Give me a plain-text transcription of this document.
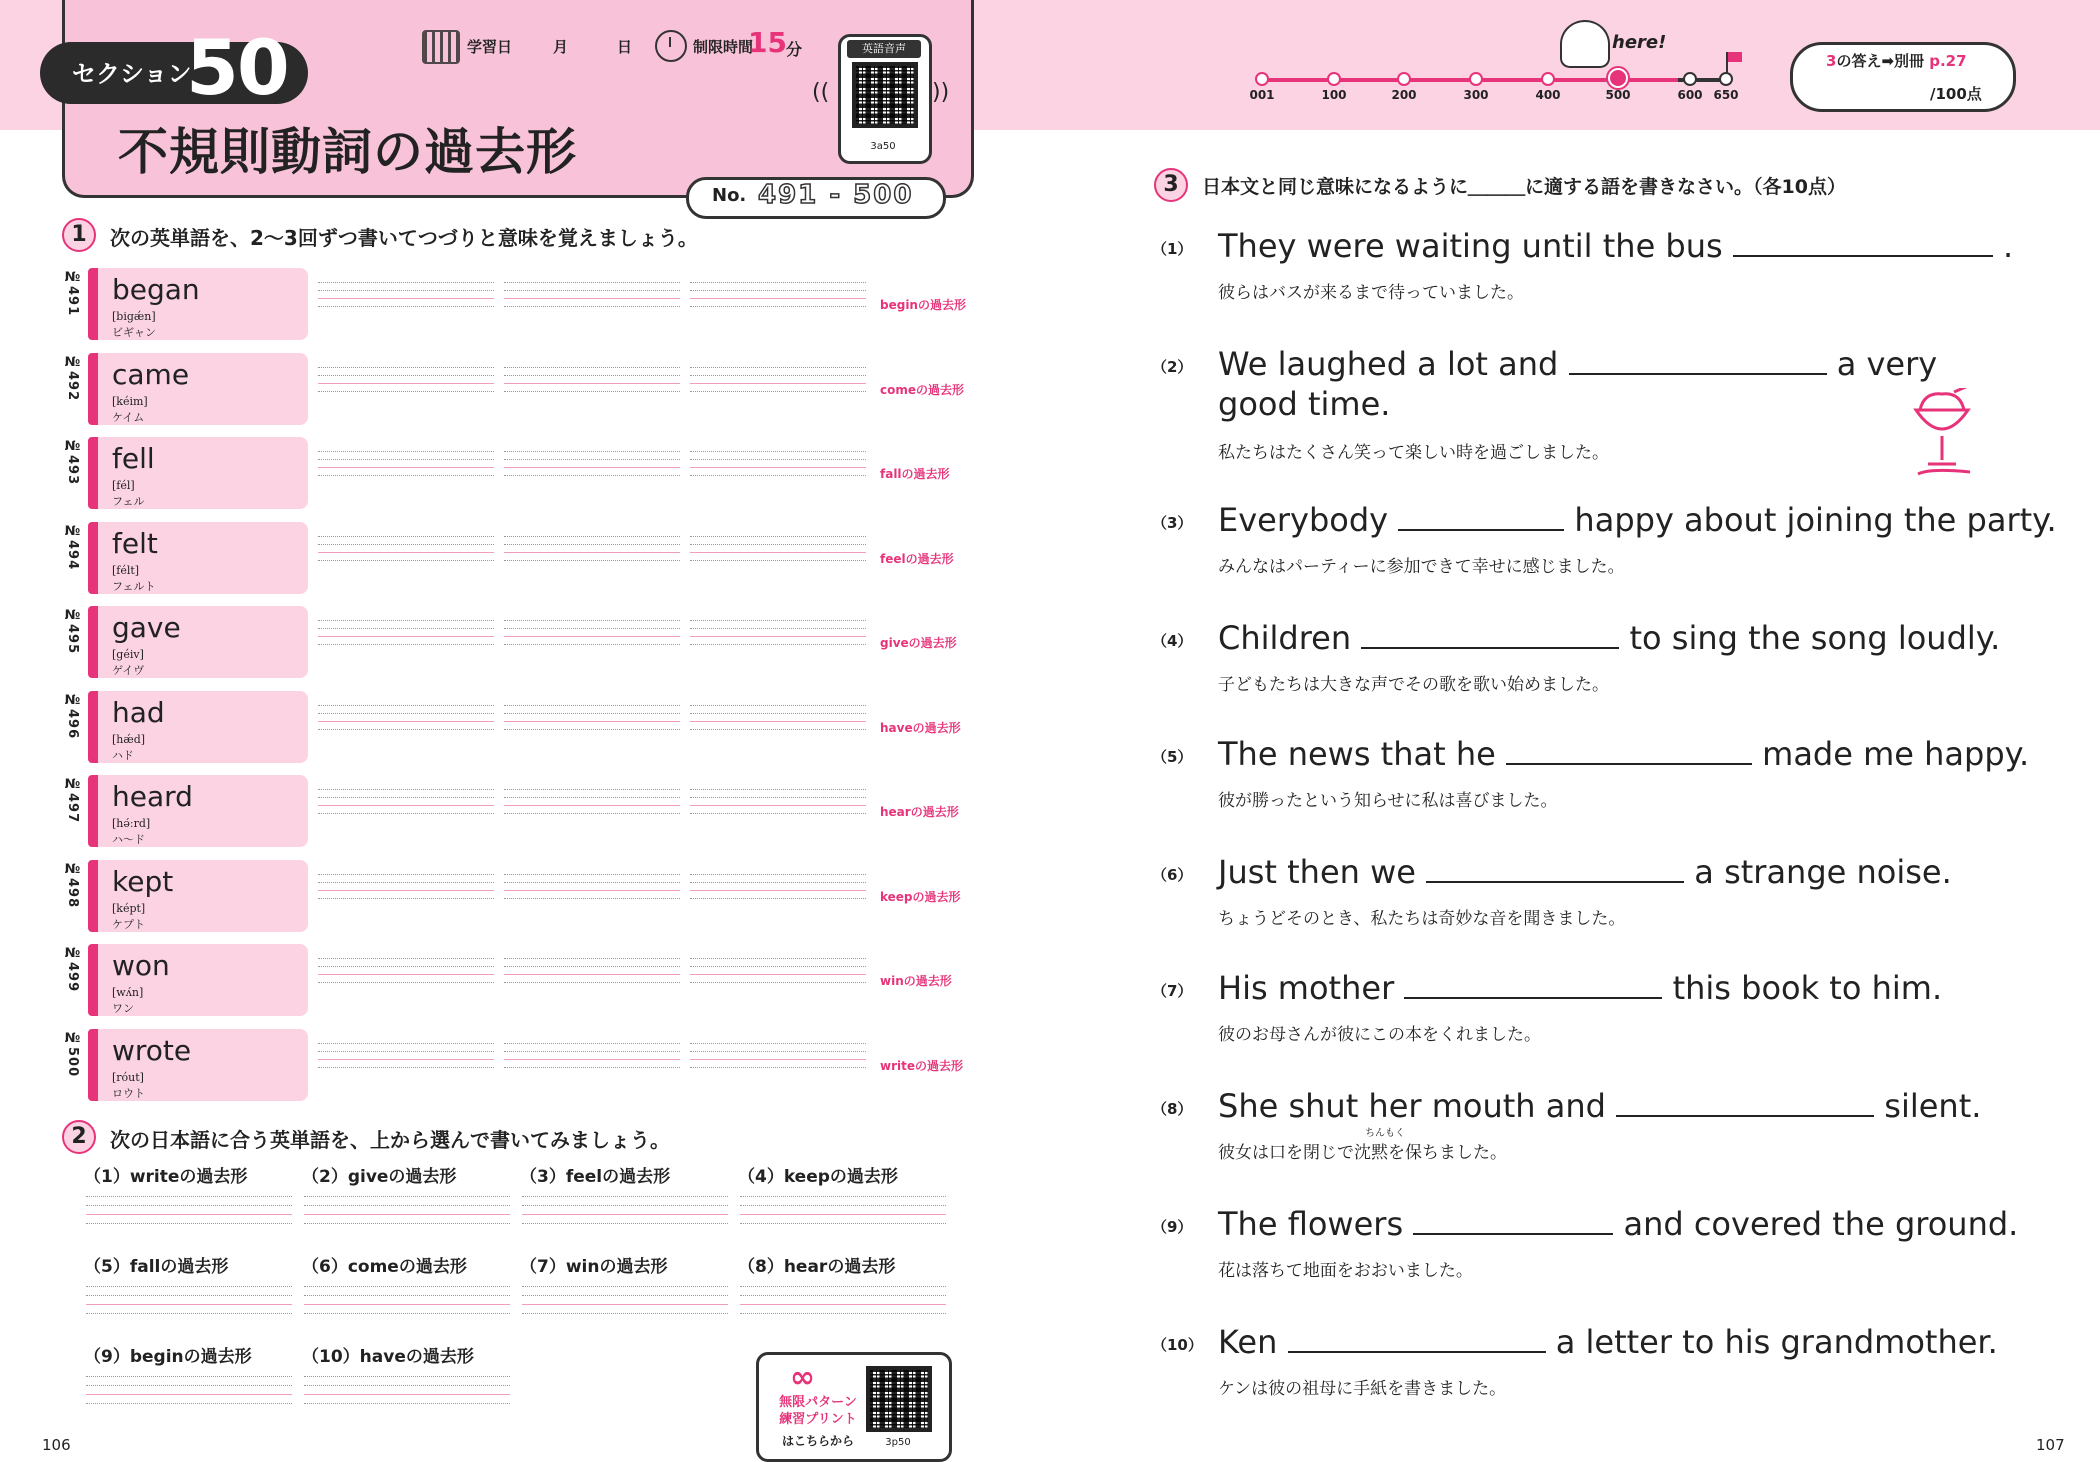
セクション
50
不規則動詞の過去形
学習日	月	日	制限時間
15 分
((
英語音声
3a50
))
No. 491 - 500
here!
001	100	200	300	400	500	600 650
3の答え➡別冊 p.27
/100点
1	次の英単語を、2〜3回ずつ書いてつづりと意味を覚えましょう。
№491 began
[bigǽn]
ビギャン
beginの過去形
№492 came
[kéim]
ケイム
comeの過去形
№493 fell
[fél]
フェル
fallの過去形
№494 felt
[félt]
フェルト
feelの過去形
№495 gave
[géiv]
ゲイヴ
giveの過去形
№496 had
[hǽd]
ハド
haveの過去形
№497 heard
[hǝ́ːrd]
ハ～ド
hearの過去形
№498 kept
[képt]
ケプト
keepの過去形
№499 won
[wʌ́n]
ワン
winの過去形
№500 wrote
[róut]
ロウト
writeの過去形
2	次の日本語に合う英単語を、上から選んで書いてみましょう。
（1）writeの過去形	（2）giveの過去形	（3）feelの過去形	（4）keepの過去形
（5）fallの過去形	（6）comeの過去形	（7）winの過去形	（8）hearの過去形
（9）beginの過去形	（10）haveの過去形
∞
無限パターン
練習プリント
はこちらから	3p50
106	107
3	日本文と同じ意味になるように＿＿＿に適する語を書きなさい。（各10点）
（1） They were waiting until the bus	.
彼らはバスが来るまで待っていました。
（2） We laughed a lot and	a very
good time.
私たちはたくさん笑って楽しい時を過ごしました。
（3） Everybody	happy about joining the party.
みんなはパーティーに参加できて幸せに感じました。
（4） Children	to sing the song loudly.
子どもたちは大きな声でその歌を歌い始めました。
（5） The news that he	made me happy.
彼が勝ったという知らせに私は喜びました。
（6） Just then we	a strange noise.
ちょうどそのとき、私たちは奇妙な音を聞きました。
（7） His mother	this book to him.
彼のお母さんが彼にこの本をくれました。
（8） She shut her mouth and	silent.
ちんもく
彼女は口を閉じで沈黙を保ちました。
（9） The flowers	and covered the ground.
花は落ちて地面をおおいました。
（10） Ken	a letter to his grandmother.
ケンは彼の祖母に手紙を書きました。
